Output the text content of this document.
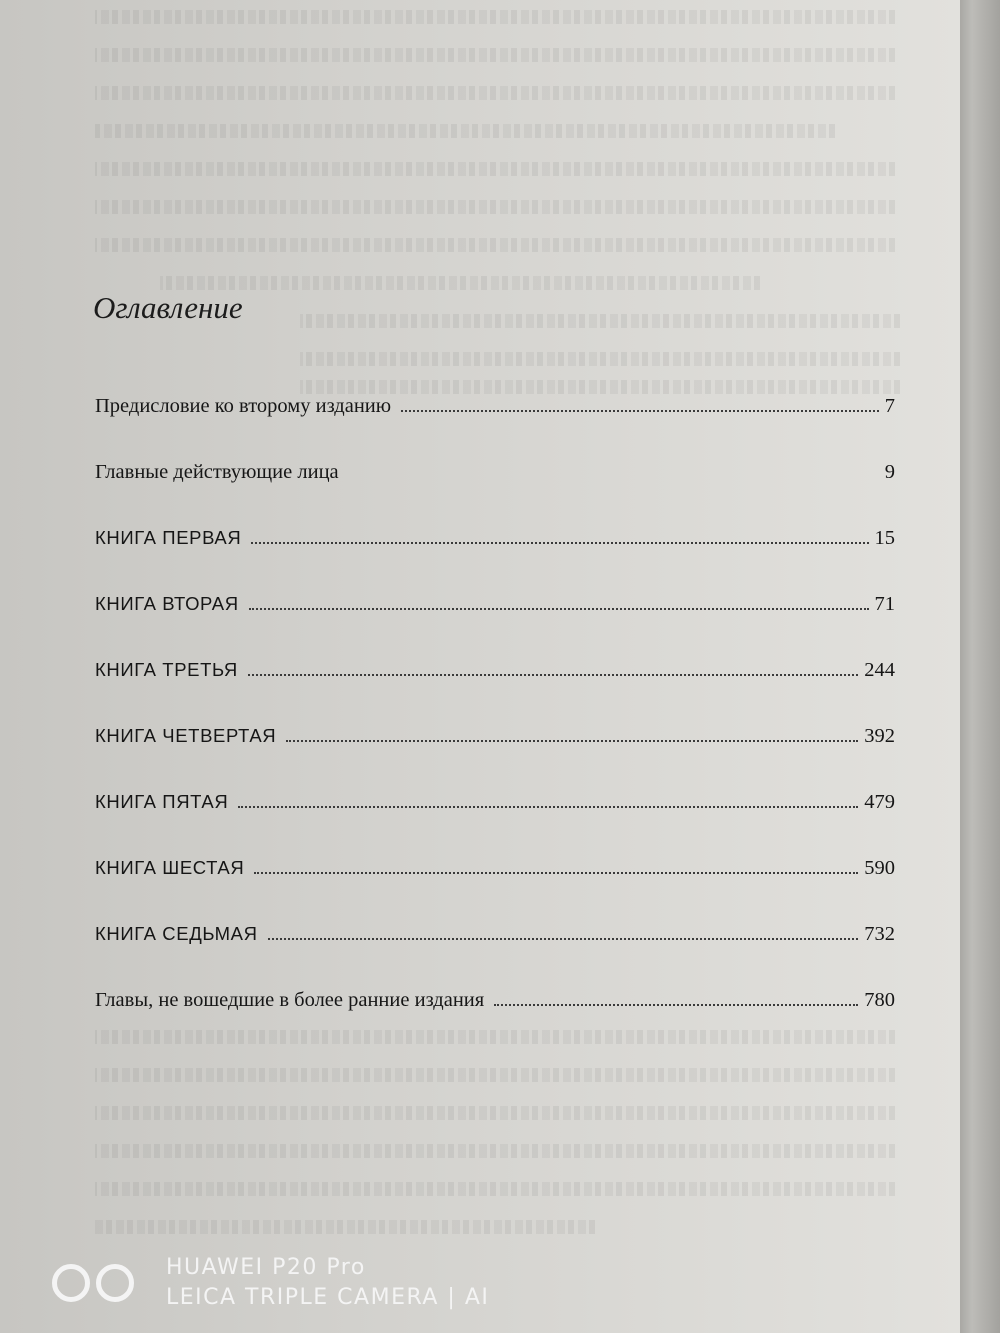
Оглавление
Предисловие ко второму изданию	7
Главные действующие лица	9
КНИГА ПЕРВАЯ	15
КНИГА ВТОРАЯ	71
КНИГА ТРЕТЬЯ	244
КНИГА ЧЕТВЕРТАЯ	392
КНИГА ПЯТАЯ	479
КНИГА ШЕСТАЯ	590
КНИГА СЕДЬМАЯ	732
Главы, не вошедшие в более ранние издания	780
HUAWEI P20 Pro
LEICA TRIPLE CAMERA | AI
